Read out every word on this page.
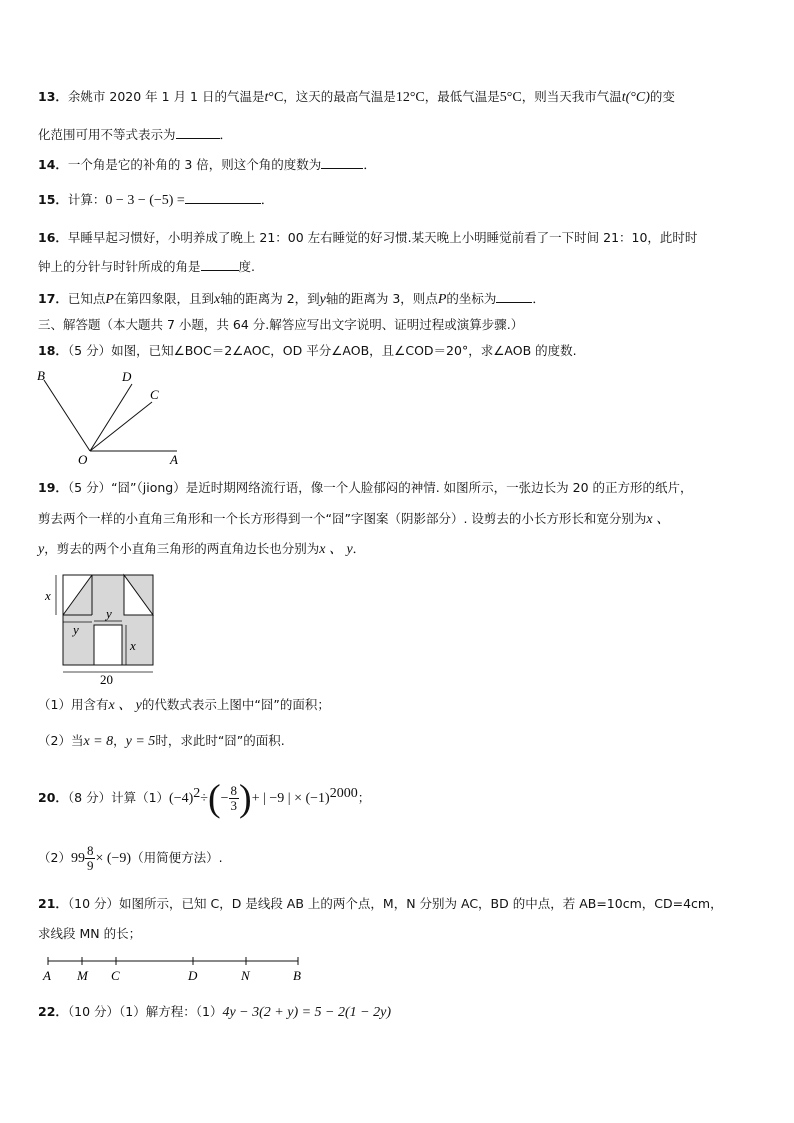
13．余姚市 2020 年 1 月 1 日的气温是t°C，这天的最高气温是12°C，最低气温是5°C，则当天我市气温t(°C)的变
化范围可用不等式表示为	．
14．一个角是它的补角的 3 倍，则这个角的度数为	．
15．计算：0 − 3 − (−5) =	．
16．早睡早起习惯好，小明养成了晚上 21：00 左右睡觉的好习惯.某天晚上小明睡觉前看了一下时间 21：10，此时时
钟上的分针与时针所成的角是	度.
17．已知点P在第四象限，且到x轴的距离为 2，到y轴的距离为 3，则点P的坐标为	．
三、解答题（本大题共 7 小题，共 64 分.解答应写出文字说明、证明过程或演算步骤.）
18．（5 分）如图，已知∠BOC＝2∠AOC，OD 平分∠AOB，且∠COD＝20°，求∠AOB 的度数.
B	D
C
O	A
19．（5 分）“囧”（jiong）是近时期网络流行语，像一个人脸郁闷的神情. 如图所示，一张边长为 20 的正方形的纸片，
剪去两个一样的小直角三角形和一个长方形得到一个“囧”字图案（阴影部分）. 设剪去的小长方形长和宽分别为x 、
y，剪去的两个小直角三角形的两直角边长也分别为x 、 y．
x
y
y
x
20
（1）用含有x 、 y的代数式表示上图中“囧”的面积；
（2）当x = 8，y = 5时，求此时“囧”的面积.
20．（8 分）计算$(1)(-4)^2\div(- \frac{8}{3}$ )+ | −9 | × $(-1)^{2000}$；
$(2)99 \frac{8}{9} \times (-9)$（用简便方法）.
21．（10 分）如图所示，已知 C，D 是线段 AB 上的两个点，M，N 分别为 AC，BD 的中点，若 AB=10cm，CD=4cm，
求线段 MN 的长；
A M C	D	N	B
22．（10 分）（1）解方程：（1）4y − 3(2 + y) = 5 − 2(1 − 2y)
